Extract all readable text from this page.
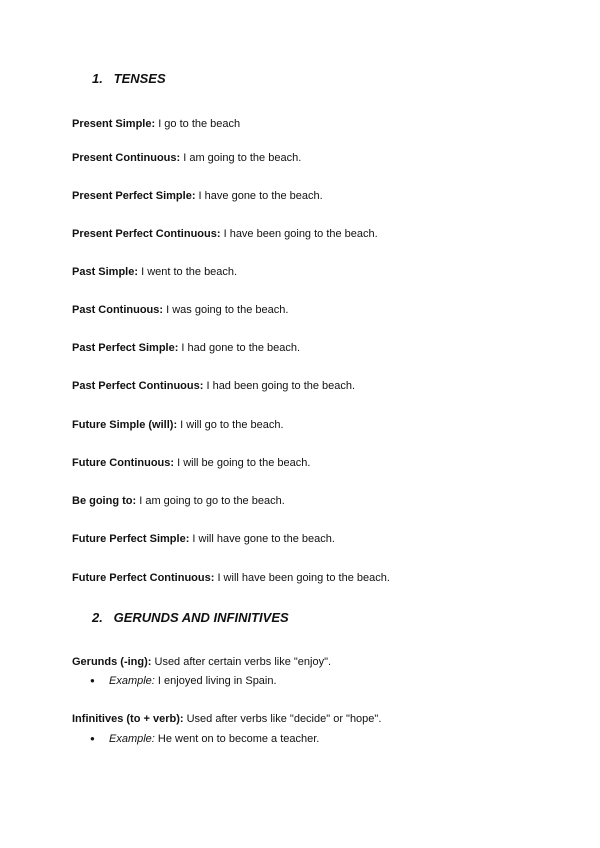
1. TENSES
Present Simple: I go to the beach
Present Continuous: I am going to the beach.
Present Perfect Simple: I have gone to the beach.
Present Perfect Continuous: I have been going to the beach.
Past Simple: I went to the beach.
Past Continuous: I was going to the beach.
Past Perfect Simple: I had gone to the beach.
Past Perfect Continuous: I had been going to the beach.
Future Simple (will): I will go to the beach.
Future Continuous: I will be going to the beach.
Be going to: I am going to go to the beach.
Future Perfect Simple: I will have gone to the beach.
Future Perfect Continuous: I will have been going to the beach.
2. GERUNDS AND INFINITIVES
Gerunds (-ing): Used after certain verbs like "enjoy".
● Example: I enjoyed living in Spain.
Infinitives (to + verb): Used after verbs like "decide" or "hope".
● Example: He went on to become a teacher.
